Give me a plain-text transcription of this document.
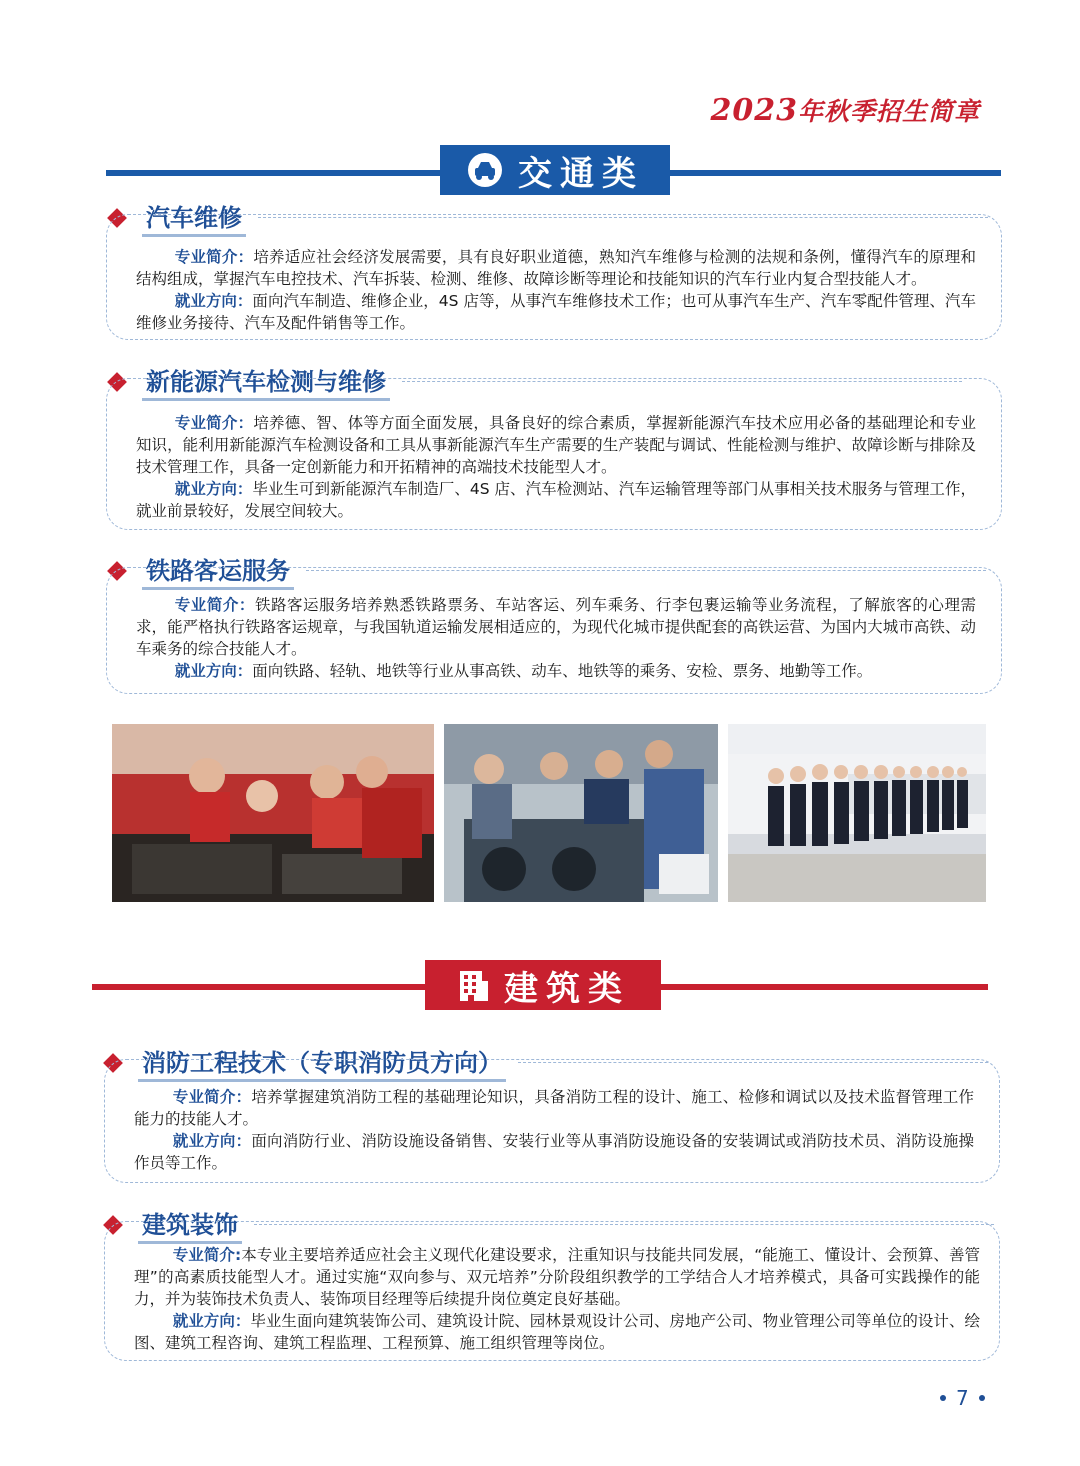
2023年秋季招生简章
交通类
汽车维修

专业简介：培养适应社会经济发展需要，具有良好职业道德，熟知汽车维修与检测的法规和条例，懂得汽车的原理和结构组成，掌握汽车电控技术、汽车拆装、检测、维修、故障诊断等理论和技能知识的汽车行业内复合型技能人才。

就业方向：面向汽车制造、维修企业，4S 店等，从事汽车维修技术工作；也可从事汽车生产、汽车零配件管理、汽车维修业务接待、汽车及配件销售等工作。

新能源汽车检测与维修

专业简介：培养德、智、体等方面全面发展，具备良好的综合素质，掌握新能源汽车技术应用必备的基础理论和专业知识，能利用新能源汽车检测设备和工具从事新能源汽车生产需要的生产装配与调试、性能检测与维护、故障诊断与排除及技术管理工作，具备一定创新能力和开拓精神的高端技术技能型人才。

就业方向：毕业生可到新能源汽车制造厂、4S 店、汽车检测站、汽车运输管理等部门从事相关技术服务与管理工作，就业前景较好，发展空间较大。

铁路客运服务

专业简介：铁路客运服务培养熟悉铁路票务、车站客运、列车乘务、行李包裹运输等业务流程，了解旅客的心理需求，能严格执行铁路客运规章，与我国轨道运输发展相适应的，为现代化城市提供配套的高铁运营、为国内大城市高铁、动车乘务的综合技能人才。

就业方向：面向铁路、轻轨、地铁等行业从事高铁、动车、地铁等的乘务、安检、票务、地勤等工作。

建筑类
消防工程技术（专职消防员方向）

专业简介：培养掌握建筑消防工程的基础理论知识，具备消防工程的设计、施工、检修和调试以及技术监督管理工作能力的技能人才。

就业方向：面向消防行业、消防设施设备销售、安装行业等从事消防设施设备的安装调试或消防技术员、消防设施操作员等工作。

建筑装饰

专业简介:本专业主要培养适应社会主义现代化建设要求，注重知识与技能共同发展，“能施工、懂设计、会预算、善管理”的高素质技能型人才。通过实施“双向参与、双元培养”分阶段组织教学的工学结合人才培养模式，具备可实践操作的能力，并为装饰技术负责人、装饰项目经理等后续提升岗位奠定良好基础。

就业方向：毕业生面向建筑装饰公司、建筑设计院、园林景观设计公司、房地产公司、物业管理公司等单位的设计、绘图、建筑工程咨询、建筑工程监理、工程预算、施工组织管理等岗位。

7
